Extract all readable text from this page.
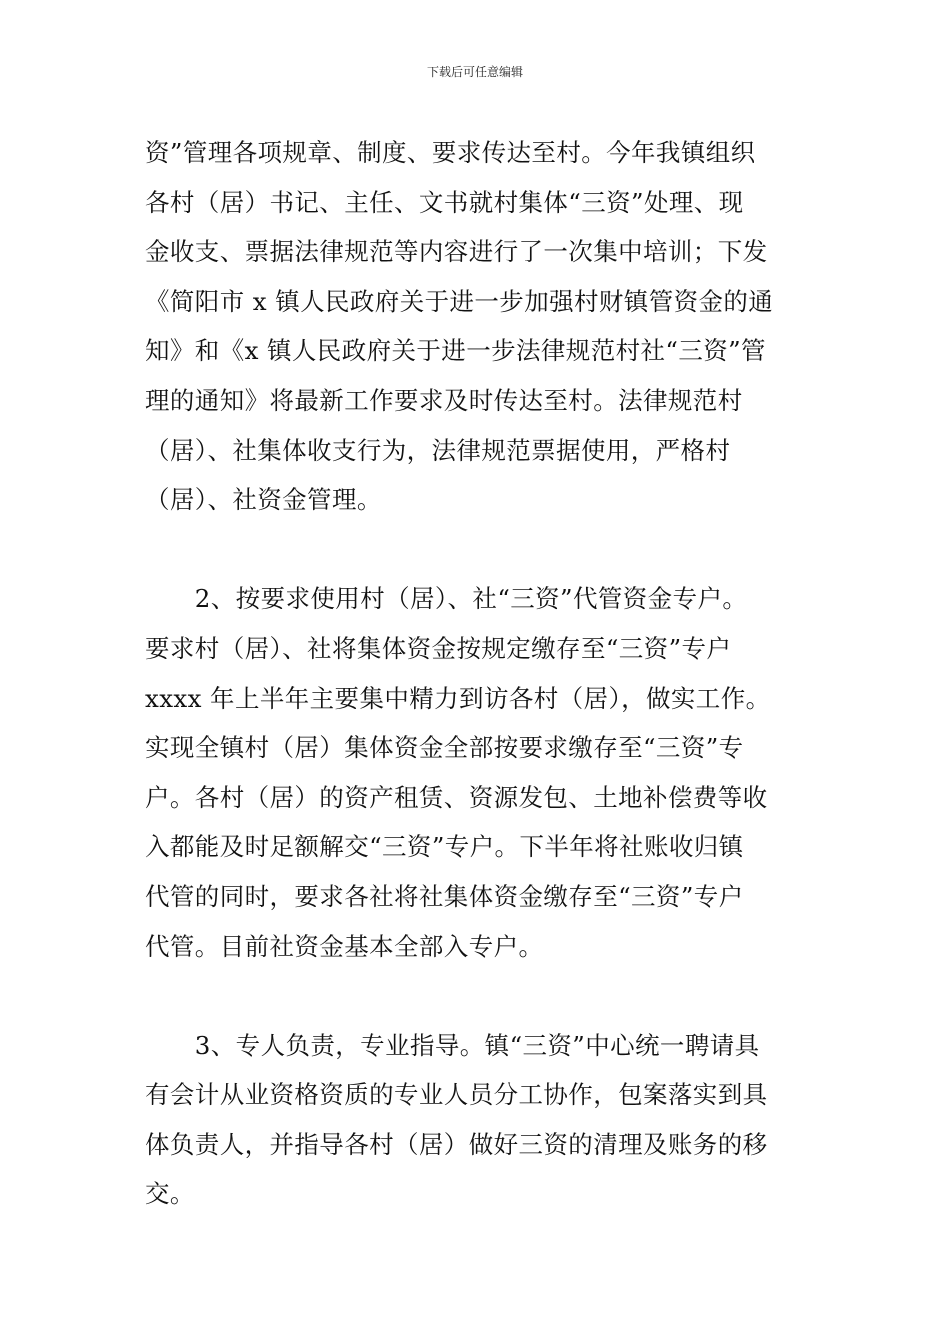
下载后可任意编辑

资”管理各项规章、制度、要求传达至村。今年我镇组织
各村（居）书记、主任、文书就村集体“三资”处理、现
金收支、票据法律规范等内容进行了一次集中培训；下发
《简阳市 x 镇人民政府关于进一步加强村财镇管资金的通
知》和《x 镇人民政府关于进一步法律规范村社“三资”管
理的通知》将最新工作要求及时传达至村。法律规范村
（居）、社集体收支行为，法律规范票据使用，严格村
（居）、社资金管理。

　　2、按要求使用村（居）、社“三资”代管资金专户。
要求村（居）、社将集体资金按规定缴存至“三资”专户
xxxx 年上半年主要集中精力到访各村（居），做实工作。
实现全镇村（居）集体资金全部按要求缴存至“三资”专
户。各村（居）的资产租赁、资源发包、土地补偿费等收
入都能及时足额解交“三资”专户。下半年将社账收归镇
代管的同时，要求各社将社集体资金缴存至“三资”专户
代管。目前社资金基本全部入专户。

　　3、专人负责，专业指导。镇“三资”中心统一聘请具
有会计从业资格资质的专业人员分工协作，包案落实到具
体负责人，并指导各村（居）做好三资的清理及账务的移
交。
